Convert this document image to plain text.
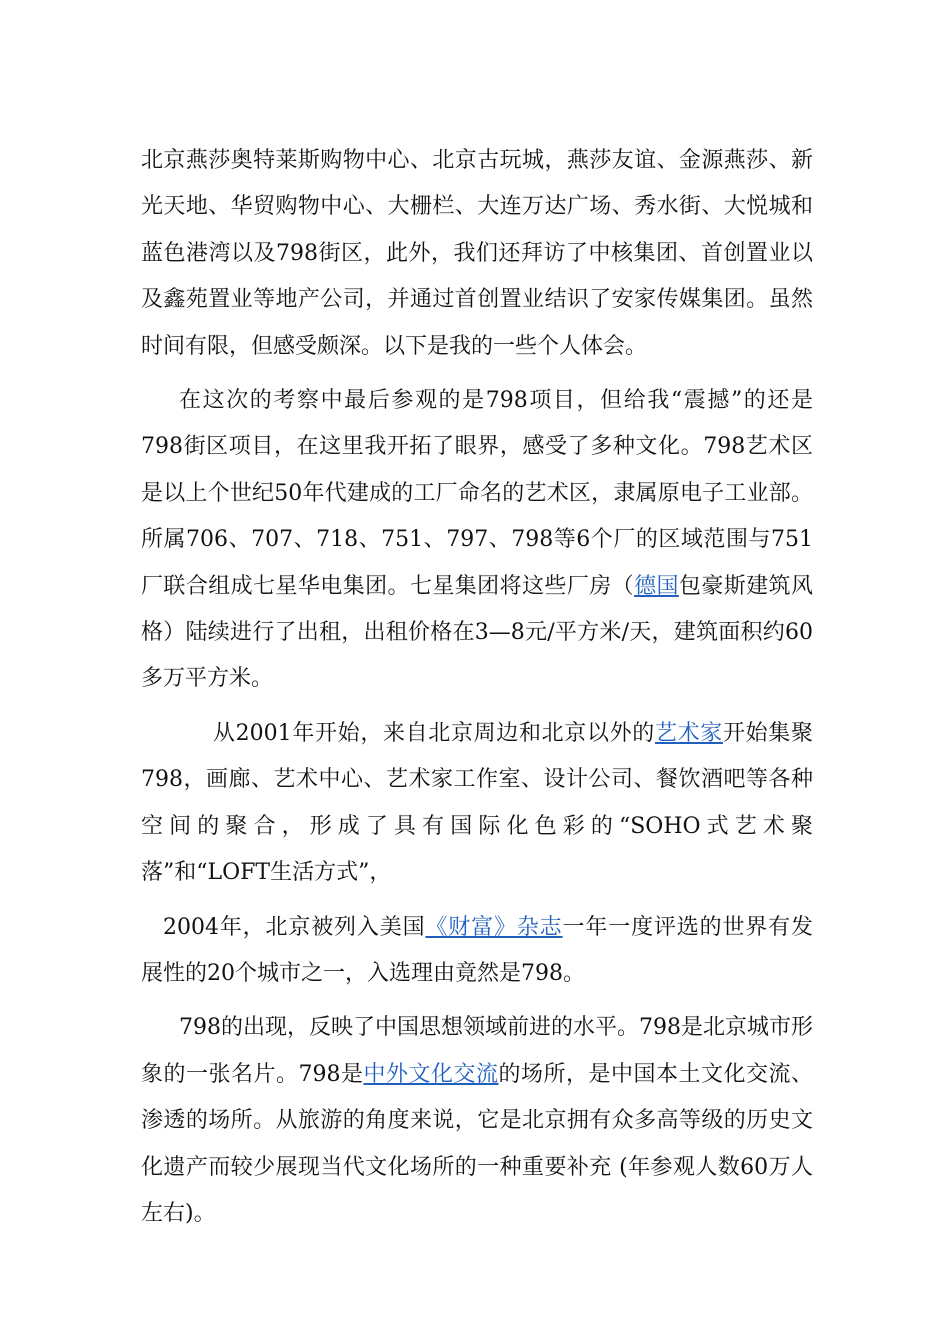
北京燕莎奥特莱斯购物中心、北京古玩城，燕莎友谊、金源燕莎、新光天地、华贸购物中心、大栅栏、大连万达广场、秀水街、大悦城和蓝色港湾以及798街区，此外，我们还拜访了中核集团、首创置业以及鑫苑置业等地产公司，并通过首创置业结识了安家传媒集团。虽然时间有限，但感受颇深。以下是我的一些个人体会。

在这次的考察中最后参观的是798项目，但给我“震撼”的还是798街区项目，在这里我开拓了眼界，感受了多种文化。798艺术区是以上个世纪50年代建成的工厂命名的艺术区，隶属原电子工业部。所属706、707、718、751、797、798等6个厂的区域范围与751厂联合组成七星华电集团。七星集团将这些厂房（德国包豪斯建筑风格）陆续进行了出租，出租价格在3—8元/平方米/天，建筑面积约60多万平方米。

从2001年开始，来自北京周边和北京以外的艺术家开始集聚798，画廊、艺术中心、艺术家工作室、设计公司、餐饮酒吧等各种空间的聚合，形成了具有国际化色彩的“SOHO式艺术聚落”和“LOFT生活方式”，

2004年，北京被列入美国《财富》杂志一年一度评选的世界有发展性的20个城市之一，入选理由竟然是798。

798的出现，反映了中国思想领域前进的水平。798是北京城市形象的一张名片。798是中外文化交流的场所，是中国本土文化交流、渗透的场所。从旅游的角度来说，它是北京拥有众多高等级的历史文化遗产而较少展现当代文化场所的一种重要补充 (年参观人数60万人左右)。
